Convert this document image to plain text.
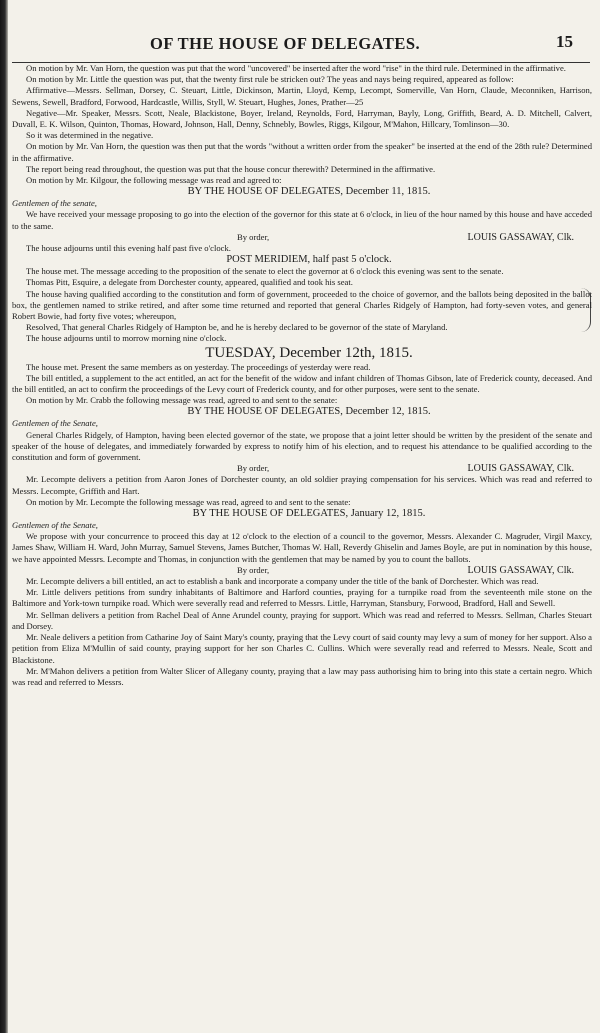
OF THE HOUSE OF DELEGATES.	15

On motion by Mr. Van Horn, the question was put that the word "uncovered" be inserted after the word "rise" in the third rule. Determined in the affirmative.

On motion by Mr. Little the question was put, that the twenty first rule be stricken out? The yeas and nays being required, appeared as follow:

Affirmative—Messrs. Sellman, Dorsey, C. Steuart, Little, Dickinson, Martin, Lloyd, Kemp, Lecompt, Somerville, Van Horn, Claude, Meconniken, Harrison, Sewens, Sewell, Bradford, Forwood, Hardcastle, Willis, Styll, W. Steuart, Hughes, Jones, Prather—25

Negative—Mr. Speaker, Messrs. Scott, Neale, Blackistone, Boyer, Ireland, Reynolds, Ford, Harryman, Bayly, Long, Griffith, Beard, A. D. Mitchell, Calvert, Duvall, E. K. Wilson, Quinton, Thomas, Howard, Johnson, Hall, Denny, Schnebly, Bowles, Riggs, Kilgour, M'Mahon, Hillcary, Tomlinson—30.

So it was determined in the negative.

On motion by Mr. Van Horn, the question was then put that the words "without a written order from the speaker" be inserted at the end of the 28th rule? Determined in the affirmative.

The report being read throughout, the question was put that the house concur therewith? Determined in the affirmative.

On motion by Mr. Kilgour, the following message was read and agreed to:

BY THE HOUSE OF DELEGATES, December 11, 1815.

Gentlemen of the senate,

We have received your message proposing to go into the election of the governor for this state at 6 o'clock, in lieu of the hour named by this house and have acceded to the same.

By order,	LOUIS GASSAWAY, Clk.

The house adjourns until this evening half past five o'clock.

POST MERIDIEM, half past 5 o'clock.

The house met. The message acceding to the proposition of the senate to elect the governor at 6 o'clock this evening was sent to the senate.

Thomas Pitt, Esquire, a delegate from Dorchester county, appeared, qualified and took his seat.

The house having qualified according to the constitution and form of government, proceeded to the choice of governor, and the ballots being deposited in the ballot box, the gentlemen named to strike retired, and after some time returned and reported that general Charles Ridgely of Hampton, had forty-seven votes, and general Robert Bowie, had forty five votes; whereupon,

Resolved, That general Charles Ridgely of Hampton be, and he is hereby declared to be governor of the state of Maryland.

The house adjourns until to morrow morning nine o'clock.

TUESDAY, December 12th, 1815.

The house met. Present the same members as on yesterday. The proceedings of yesterday were read.

The bill entitled, a supplement to the act entitled, an act for the benefit of the widow and infant children of Thomas Gibson, late of Frederick county, deceased. And the bill entitled, an act to confirm the proceedings of the Levy court of Frederick county, and for other purposes, were sent to the senate.

On motion by Mr. Crabb the following message was read, agreed to and sent to the senate:

BY THE HOUSE OF DELEGATES, December 12, 1815.

Gentlemen of the Senate,

General Charles Ridgely, of Hampton, having been elected governor of the state, we propose that a joint letter should be written by the president of the senate and speaker of the house of delegates, and immediately forwarded by express to notify him of his election, and to request his attendance to be qualified according to the constitution and form of government.

By order,	LOUIS GASSAWAY, Clk.

Mr. Lecompte delivers a petition from Aaron Jones of Dorchester county, an old soldier praying compensation for his services. Which was read and referred to Messrs. Lecompte, Griffith and Hart.

On motion by Mr. Lecompte the following message was read, agreed to and sent to the senate:

BY THE HOUSE OF DELEGATES, January 12, 1815.

Gentlemen of the Senate,

We propose with your concurrence to proceed this day at 12 o'clock to the election of a council to the governor, Messrs. Alexander C. Magruder, Virgil Maxcy, James Shaw, William H. Ward, John Murray, Samuel Stevens, James Butcher, Thomas W. Hall, Reverdy Ghiselin and James Boyle, are put in nomination by this house, we have appointed Messrs. Lecompte and Thomas, in conjunction with the gentlemen that may be named by you to count the ballots.

By order,	LOUIS GASSAWAY, Clk.

Mr. Lecompte delivers a bill entitled, an act to establish a bank and incorporate a company under the title of the bank of Dorchester. Which was read.

Mr. Little delivers petitions from sundry inhabitants of Baltimore and Harford counties, praying for a turnpike road from the seventeenth mile stone on the Baltimore and York-town turnpike road. Which were severally read and referred to Messrs. Little, Harryman, Stansbury, Forwood, Bradford, Hall and Sewell.

Mr. Sellman delivers a petition from Rachel Deal of Anne Arundel county, praying for support. Which was read and referred to Messrs. Sellman, Charles Steuart and Dorsey.

Mr. Neale delivers a petition from Catharine Joy of Saint Mary's county, praying that the Levy court of said county may levy a sum of money for her support. Also a petition from Eliza M'Mullin of said county, praying support for her son Charles C. Cullins. Which were severally read and referred to Messrs. Neale, Scott and Blackistone.

Mr. M'Mahon delivers a petition from Walter Slicer of Allegany county, praying that a law may pass authorising him to bring into this state a certain negro. Which was read and referred to Messrs.
